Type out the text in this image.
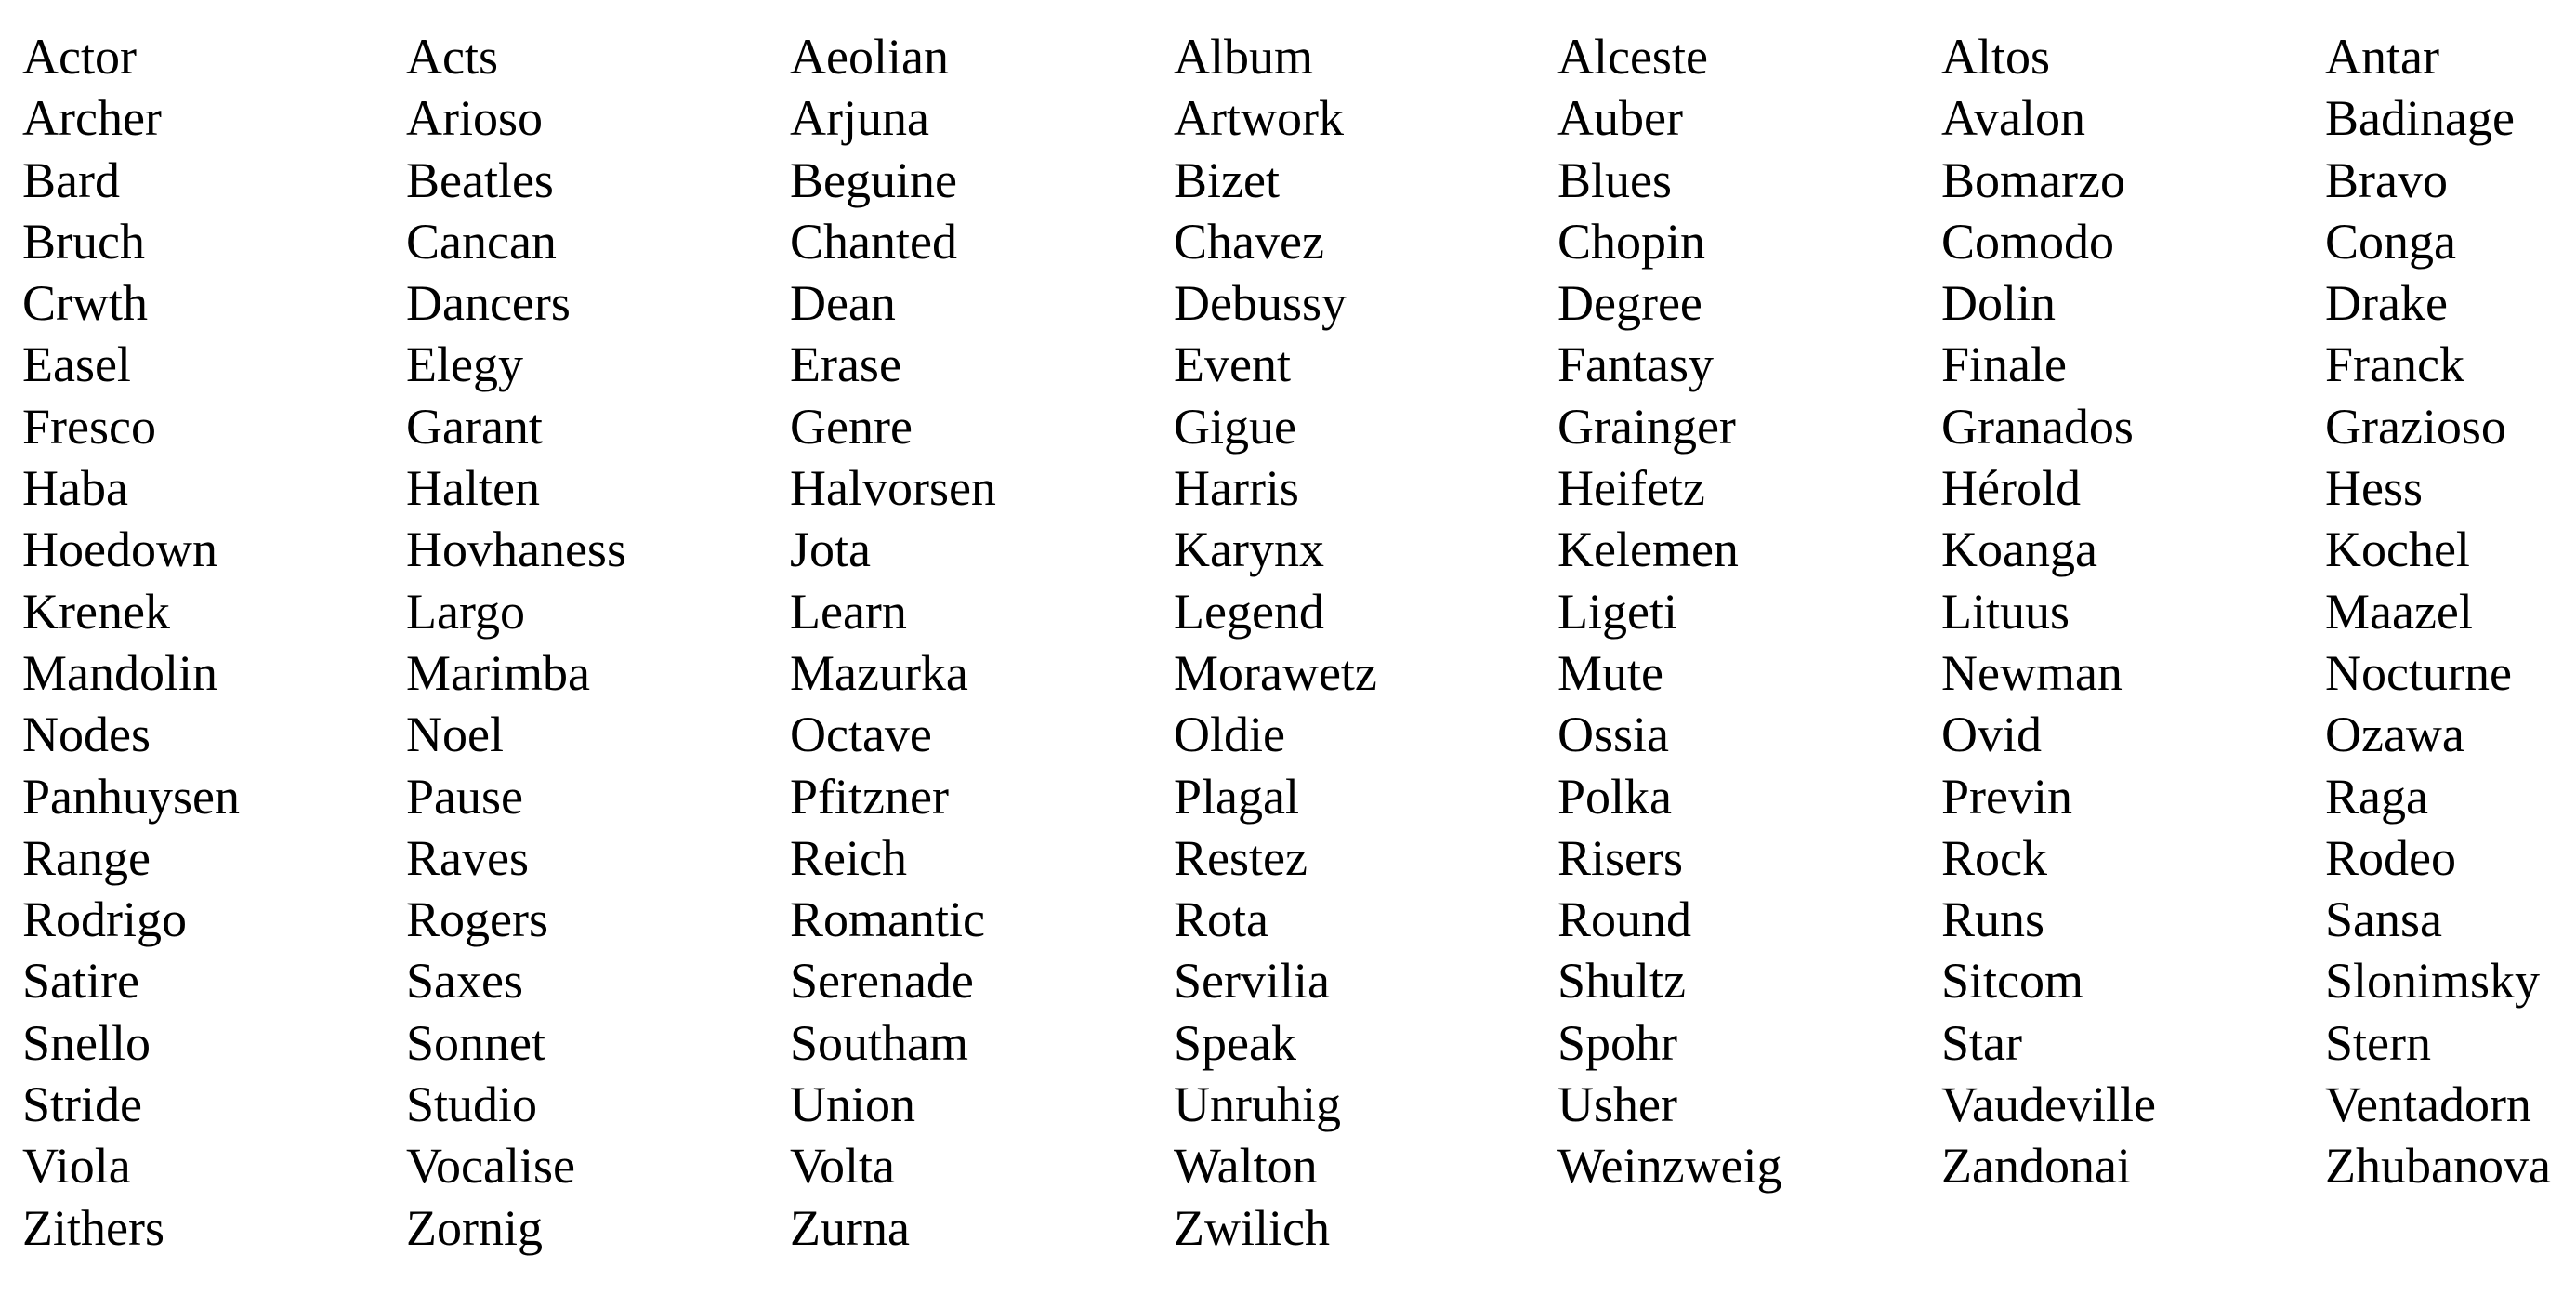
Actor	Acts	Aeolian	Album	Alceste	Altos	Antar
Archer	Arioso	Arjuna	Artwork	Auber	Avalon	Badinage
Bard	Beatles	Beguine	Bizet	Blues	Bomarzo	Bravo
Bruch	Cancan	Chanted	Chavez	Chopin	Comodo	Conga
Crwth	Dancers	Dean	Debussy	Degree	Dolin	Drake
Easel	Elegy	Erase	Event	Fantasy	Finale	Franck
Fresco	Garant	Genre	Gigue	Grainger	Granados	Grazioso
Haba	Halten	Halvorsen	Harris	Heifetz	Hérold	Hess
Hoedown	Hovhaness	Jota	Karynx	Kelemen	Koanga	Kochel
Krenek	Largo	Learn	Legend	Ligeti	Lituus	Maazel
Mandolin	Marimba	Mazurka	Morawetz	Mute	Newman	Nocturne
Nodes	Noel	Octave	Oldie	Ossia	Ovid	Ozawa
Panhuysen	Pause	Pfitzner	Plagal	Polka	Previn	Raga
Range	Raves	Reich	Restez	Risers	Rock	Rodeo
Rodrigo	Rogers	Romantic	Rota	Round	Runs	Sansa
Satire	Saxes	Serenade	Servilia	Shultz	Sitcom	Slonimsky
Snello	Sonnet	Southam	Speak	Spohr	Star	Stern
Stride	Studio	Union	Unruhig	Usher	Vaudeville	Ventadorn
Viola	Vocalise	Volta	Walton	Weinzweig	Zandonai	Zhubanova
Zithers	Zornig	Zurna	Zwilich
